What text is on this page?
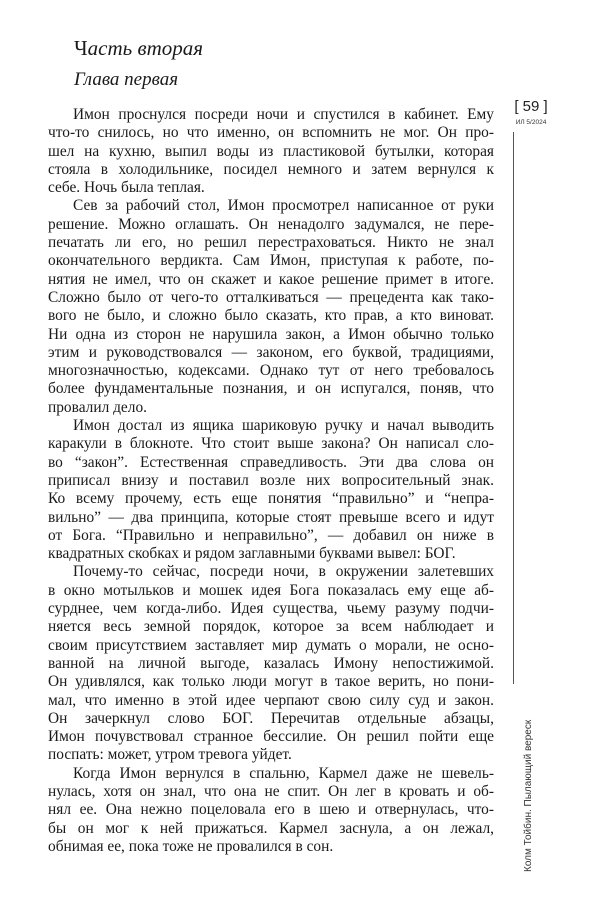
Часть вторая
Глава первая
[ 59 ]
ИЛ 5/2024
Колм Тойбин. Пылающий вереск

Имон проснулся посреди ночи и спустился в кабинет. Ему
что-то снилось, но что именно, он вспомнить не мог. Он про-
шел на кухню, выпил воды из пластиковой бутылки, которая
стояла в холодильнике, посидел немного и затем вернулся к
себе. Ночь была теплая.

Сев за рабочий стол, Имон просмотрел написанное от руки
решение. Можно оглашать. Он ненадолго задумался, не пере-
печатать ли его, но решил перестраховаться. Никто не знал
окончательного вердикта. Сам Имон, приступая к работе, по-
нятия не имел, что он скажет и какое решение примет в итоге.
Сложно было от чего-то отталкиваться — прецедента как тако-
вого не было, и сложно было сказать, кто прав, а кто виноват.
Ни одна из сторон не нарушила закон, а Имон обычно только
этим и руководствовался — законом, его буквой, традициями,
многозначностью, кодексами. Однако тут от него требовалось
более фундаментальные познания, и он испугался, поняв, что
провалил дело.

Имон достал из ящика шариковую ручку и начал выводить
каракули в блокноте. Что стоит выше закона? Он написал сло-
во “закон”. Естественная справедливость. Эти два слова он
приписал внизу и поставил возле них вопросительный знак.
Ко всему прочему, есть еще понятия “правильно” и “непра-
вильно” — два принципа, которые стоят превыше всего и идут
от Бога. “Правильно и неправильно”, — добавил он ниже в
квадратных скобках и рядом заглавными буквами вывел: БОГ.

Почему-то сейчас, посреди ночи, в окружении залетевших
в окно мотыльков и мошек идея Бога показалась ему еще аб-
сурднее, чем когда-либо. Идея существа, чьему разуму подчи-
няется весь земной порядок, которое за всем наблюдает и
своим присутствием заставляет мир думать о морали, не осно-
ванной на личной выгоде, казалась Имону непостижимой.
Он удивлялся, как только люди могут в такое верить, но пони-
мал, что именно в этой идее черпают свою силу суд и закон.
Он зачеркнул слово БОГ. Перечитав отдельные абзацы,
Имон почувствовал странное бессилие. Он решил пойти еще
поспать: может, утром тревога уйдет.

Когда Имон вернулся в спальню, Кармел даже не шевель-
нулась, хотя он знал, что она не спит. Он лег в кровать и об-
нял ее. Она нежно поцеловала его в шею и отвернулась, что-
бы он мог к ней прижаться. Кармел заснула, а он лежал,
обнимая ее, пока тоже не провалился в сон.
